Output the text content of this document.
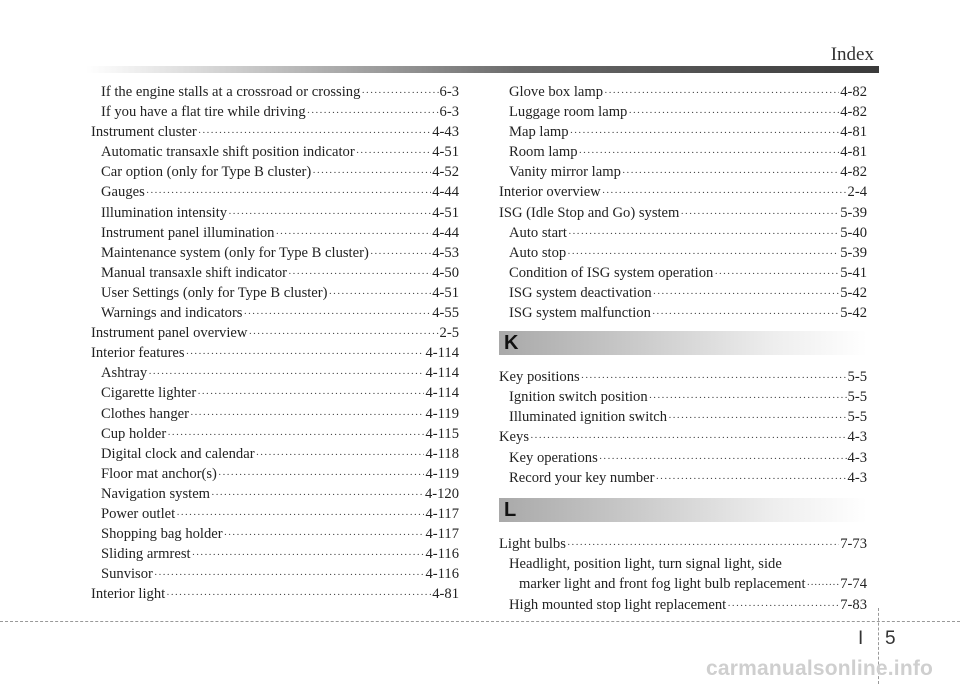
Index
If the engine stalls at a crossroad or crossing ·····	6-3
If you have a flat tire while driving ·····	6-3
Instrument cluster ·····	4-43
Automatic transaxle shift position indicator ·····	4-51
Car option (only for Type B cluster) ·····	4-52
Gauges ·····	4-44
Illumination intensity ·····	4-51
Instrument panel illumination ·····	4-44
Maintenance system (only for Type B cluster) ·····	4-53
Manual transaxle shift indicator ·····	4-50
User Settings (only for Type B cluster) ·····	4-51
Warnings and indicators ·····	4-55
Instrument panel overview ·····	2-5
Interior features ·····	4-114
Ashtray ·····	4-114
Cigarette lighter ·····	4-114
Clothes hanger ·····	4-119
Cup holder ·····	4-115
Digital clock and calendar ·····	4-118
Floor mat anchor(s) ·····	4-119
Navigation system ·····	4-120
Power outlet ·····	4-117
Shopping bag holder ·····	4-117
Sliding armrest ·····	4-116
Sunvisor ·····	4-116
Interior light ·····	4-81
Glove box lamp ·····	4-82
Luggage room lamp ·····	4-82
Map lamp ·····	4-81
Room lamp ·····	4-81
Vanity mirror lamp ·····	4-82
Interior overview ·····	2-4
ISG (Idle Stop and Go) system ·····	5-39
Auto start ·····	5-40
Auto stop ·····	5-39
Condition of ISG system operation ·····	5-41
ISG system deactivation ·····	5-42
ISG system malfunction ·····	5-42
K
Key positions ·····	5-5
Ignition switch position ·····	5-5
Illuminated ignition switch ·····	5-5
Keys ·····	4-3
Key operations ·····	4-3
Record your key number ·····	4-3
L
Light bulbs ·····	7-73
Headlight, position light, turn signal light, side
marker light and front fog light bulb replacement ····· 7-74
High mounted stop light replacement ·····	7-83
I 5
carmanualsonline.info
